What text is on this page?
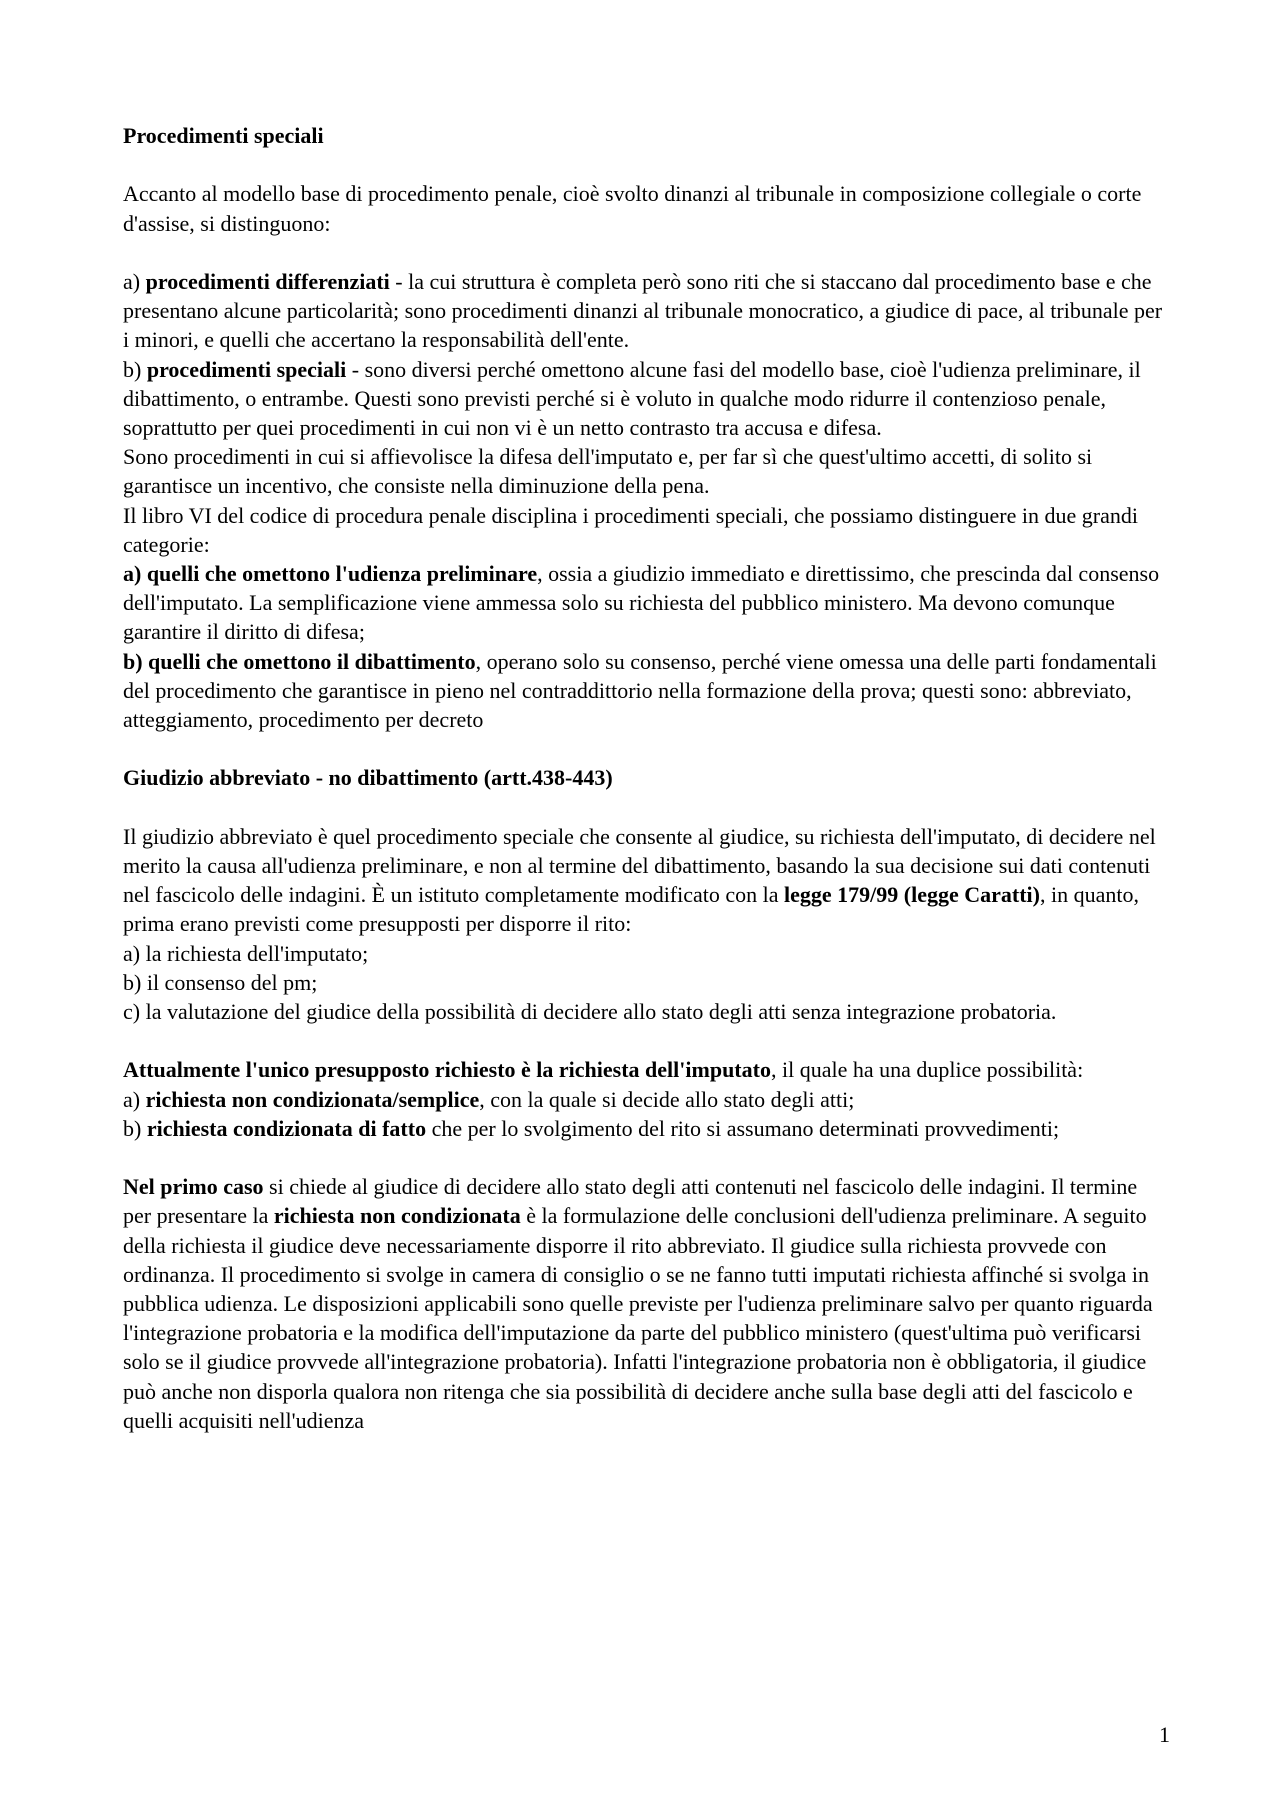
Procedimenti speciali

Accanto al modello base di procedimento penale, cioè svolto dinanzi al tribunale in composizione collegiale o corte d'assise, si distinguono:

a) procedimenti differenziati - la cui struttura è completa però sono riti che si staccano dal procedimento base e che presentano alcune particolarità; sono procedimenti dinanzi al tribunale monocratico, a giudice di pace, al tribunale per i minori, e quelli che accertano la responsabilità dell'ente.

b) procedimenti speciali - sono diversi perché omettono alcune fasi del modello base, cioè l'udienza preliminare, il dibattimento, o entrambe. Questi sono previsti perché si è voluto in qualche modo ridurre il contenzioso penale, soprattutto per quei procedimenti in cui non vi è un netto contrasto tra accusa e difesa.

Sono procedimenti in cui si affievolisce la difesa dell'imputato e, per far sì che quest'ultimo accetti, di solito si garantisce un incentivo, che consiste nella diminuzione della pena.

Il libro VI del codice di procedura penale disciplina i procedimenti speciali, che possiamo distinguere in due grandi categorie:

a) quelli che omettono l'udienza preliminare, ossia a giudizio immediato e direttissimo, che prescinda dal consenso dell'imputato. La semplificazione viene ammessa solo su richiesta del pubblico ministero. Ma devono comunque garantire il diritto di difesa;

b) quelli che omettono il dibattimento, operano solo su consenso, perché viene omessa una delle parti fondamentali del procedimento che garantisce in pieno nel contraddittorio nella formazione della prova; questi sono: abbreviato, atteggiamento, procedimento per decreto

Giudizio abbreviato - no dibattimento (artt.438-443)

Il giudizio abbreviato è quel procedimento speciale che consente al giudice, su richiesta dell'imputato, di decidere nel merito la causa all'udienza preliminare, e non al termine del dibattimento, basando la sua decisione sui dati contenuti nel fascicolo delle indagini. È un istituto completamente modificato con la legge 179/99 (legge Caratti), in quanto, prima erano previsti come presupposti per disporre il rito:

a) la richiesta dell'imputato;

b) il consenso del pm;

c) la valutazione del giudice della possibilità di decidere allo stato degli atti senza integrazione probatoria.

Attualmente l'unico presupposto richiesto è la richiesta dell'imputato, il quale ha una duplice possibilità:

a) richiesta non condizionata/semplice, con la quale si decide allo stato degli atti;

b) richiesta condizionata di fatto che per lo svolgimento del rito si assumano determinati provvedimenti;

Nel primo caso si chiede al giudice di decidere allo stato degli atti contenuti nel fascicolo delle indagini. Il termine per presentare la richiesta non condizionata è la formulazione delle conclusioni dell'udienza preliminare. A seguito della richiesta il giudice deve necessariamente disporre il rito abbreviato. Il giudice sulla richiesta provvede con ordinanza. Il procedimento si svolge in camera di consiglio o se ne fanno tutti imputati richiesta affinché si svolga in pubblica udienza. Le disposizioni applicabili sono quelle previste per l'udienza preliminare salvo per quanto riguarda l'integrazione probatoria e la modifica dell'imputazione da parte del pubblico ministero (quest'ultima può verificarsi solo se il giudice provvede all'integrazione probatoria). Infatti l'integrazione probatoria non è obbligatoria, il giudice può anche non disporla qualora non ritenga che sia possibilità di decidere anche sulla base degli atti del fascicolo e quelli acquisiti nell'udienza

1
